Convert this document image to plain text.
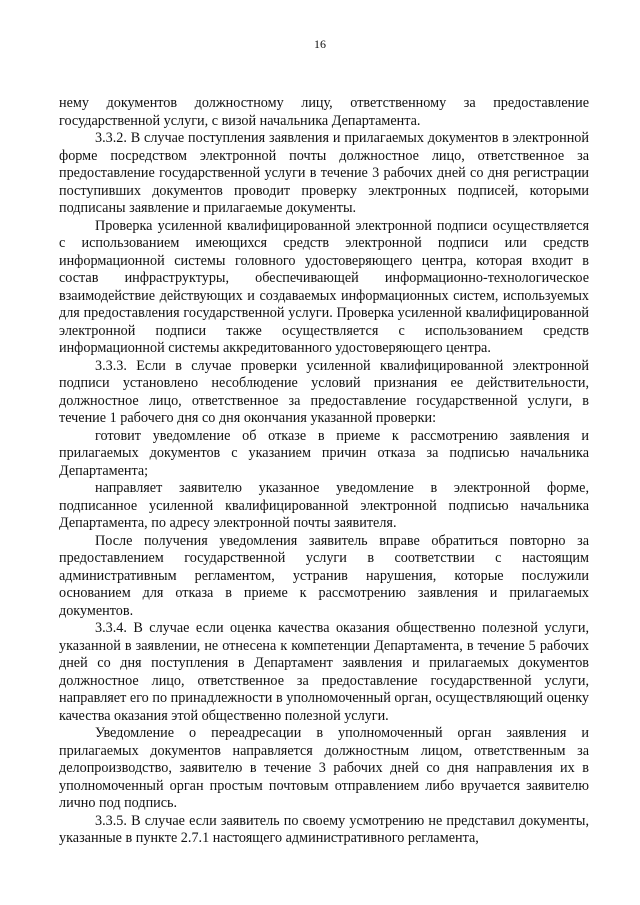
16

нему документов должностному лицу, ответственному за предоставление государственной услуги, с визой начальника Департамента.

3.3.2. В случае поступления заявления и прилагаемых документов в электронной форме посредством электронной почты должностное лицо, ответственное за предоставление государственной услуги в течение 3 рабочих дней со дня регистрации поступивших документов проводит проверку электронных подписей, которыми подписаны заявление и прилагаемые документы.

Проверка усиленной квалифицированной электронной подписи осуществляется с использованием имеющихся средств электронной подписи или средств информационной системы головного удостоверяющего центра, которая входит в состав инфраструктуры, обеспечивающей информационно-технологическое взаимодействие действующих и создаваемых информационных систем, используемых для предоставления государственной услуги. Проверка усиленной квалифицированной электронной подписи также осуществляется с использованием средств информационной системы аккредитованного удостоверяющего центра.

3.3.3. Если в случае проверки усиленной квалифицированной электронной подписи установлено несоблюдение условий признания ее действительности, должностное лицо, ответственное за предоставление государственной услуги, в течение 1 рабочего дня со дня окончания указанной проверки:

готовит уведомление об отказе в приеме к рассмотрению заявления и прилагаемых документов с указанием причин отказа за подписью начальника Департамента;

направляет заявителю указанное уведомление в электронной форме, подписанное усиленной квалифицированной электронной подписью начальника Департамента, по адресу электронной почты заявителя.

После получения уведомления заявитель вправе обратиться повторно за предоставлением государственной услуги в соответствии с настоящим административным регламентом, устранив нарушения, которые послужили основанием для отказа в приеме к рассмотрению заявления и прилагаемых документов.

3.3.4. В случае если оценка качества оказания общественно полезной услуги, указанной в заявлении, не отнесена к компетенции Департамента, в течение 5 рабочих дней со дня поступления в Департамент заявления и прилагаемых документов должностное лицо, ответственное за предоставление государственной услуги, направляет его по принадлежности в уполномоченный орган, осуществляющий оценку качества оказания этой общественно полезной услуги.

Уведомление о переадресации в уполномоченный орган заявления и прилагаемых документов направляется должностным лицом, ответственным за делопроизводство, заявителю в течение 3 рабочих дней со дня направления их в уполномоченный орган простым почтовым отправлением либо вручается заявителю лично под подпись.

3.3.5. В случае если заявитель по своему усмотрению не представил документы, указанные в пункте 2.7.1 настоящего административного регламента,
